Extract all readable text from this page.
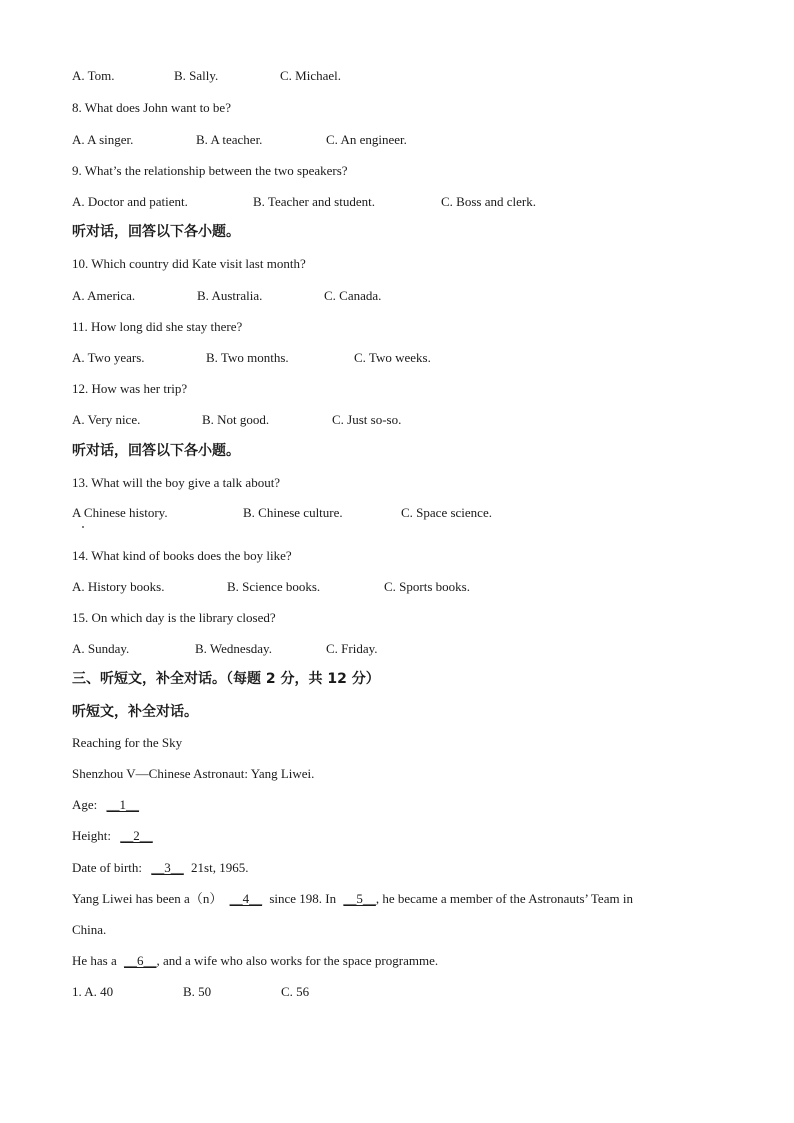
A. Tom.	B. Sally.	C. Michael.
8. What does John want to be?
A. A singer.	B. A teacher.	C. An engineer.
9. What’s the relationship between the two speakers?
A. Doctor and patient.	B. Teacher and student.	C. Boss and clerk.
听对话，回答以下各小题。
10. Which country did Kate visit last month?
A. America.	B. Australia.	C. Canada.
11. How long did she stay there?
A. Two years.	B. Two months.	C. Two weeks.
12. How was her trip?
A. Very nice.	B. Not good.	C. Just so-so.
听对话，回答以下各小题。
13. What will the boy give a talk about?
A Chinese history.	B. Chinese culture.	C. Space science.
14. What kind of books does the boy like?
A. History books.	B. Science books.	C. Sports books.
15. On which day is the library closed?
A. Sunday.	B. Wednesday.	C. Friday.
三、听短文，补全对话。（每题 2 分，共 12 分）
听短文，补全对话。
Reaching for the Sky
Shenzhou V—Chinese Astronaut: Yang Liwei.
Age: __1__
Height: __2__
Date of birth: __3__ 21st, 1965.
Yang Liwei has been a（n） __4__ since 198. In __5__, he became a member of the Astronauts’ Team in
China.
He has a __6__, and a wife who also works for the space programme.
1. A. 40	B. 50	C. 56
